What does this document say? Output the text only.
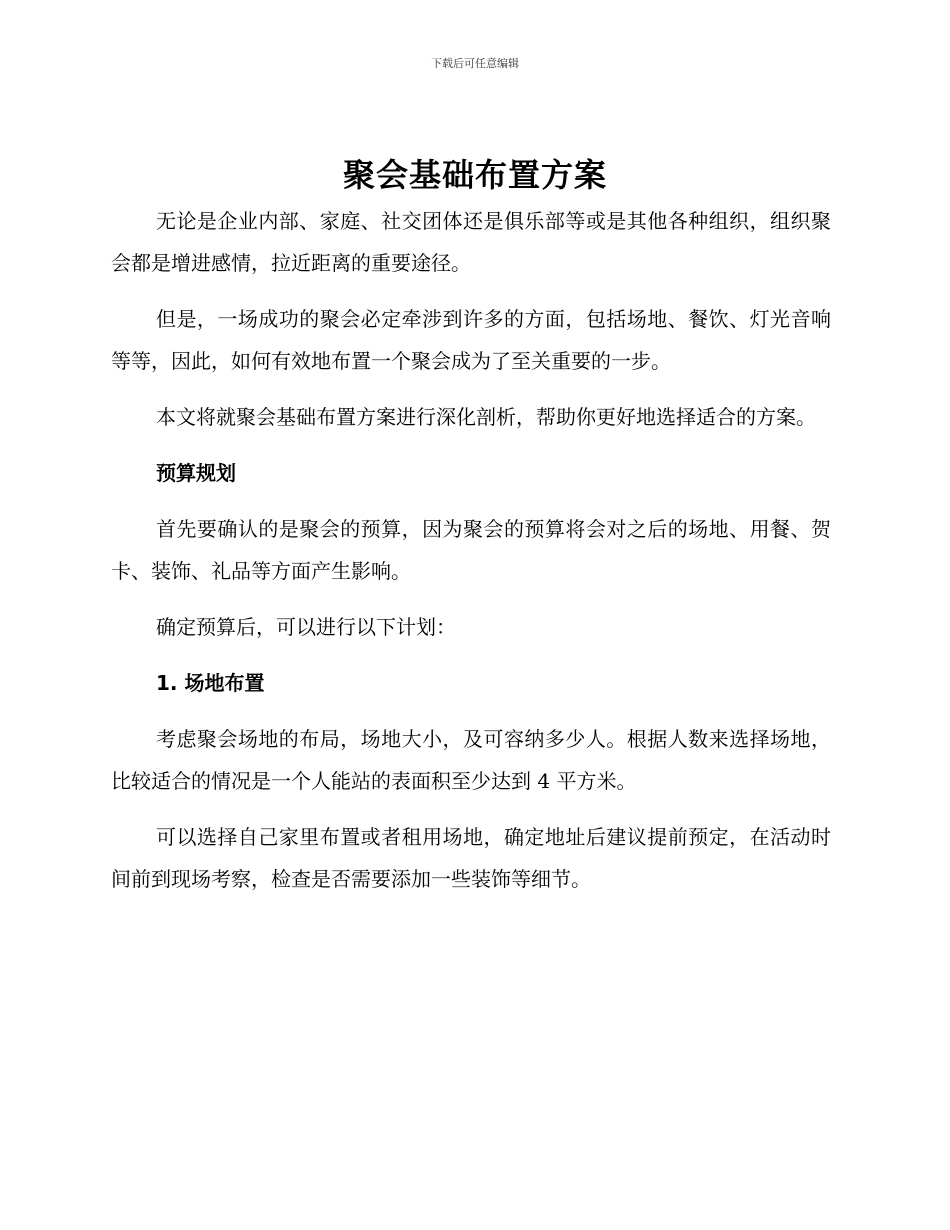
下载后可任意编辑
聚会基础布置方案

无论是企业内部、家庭、社交团体还是俱乐部等或是其他各种组织，组织聚会都是增进感情，拉近距离的重要途径。

但是，一场成功的聚会必定牵涉到许多的方面，包括场地、餐饮、灯光音响等等，因此，如何有效地布置一个聚会成为了至关重要的一步。

本文将就聚会基础布置方案进行深化剖析，帮助你更好地选择适合的方案。

预算规划

首先要确认的是聚会的预算，因为聚会的预算将会对之后的场地、用餐、贺卡、装饰、礼品等方面产生影响。

确定预算后，可以进行以下计划：

1. 场地布置

考虑聚会场地的布局，场地大小，及可容纳多少人。根据人数来选择场地，比较适合的情况是一个人能站的表面积至少达到 4 平方米。

可以选择自己家里布置或者租用场地，确定地址后建议提前预定，在活动时间前到现场考察，检查是否需要添加一些装饰等细节。
